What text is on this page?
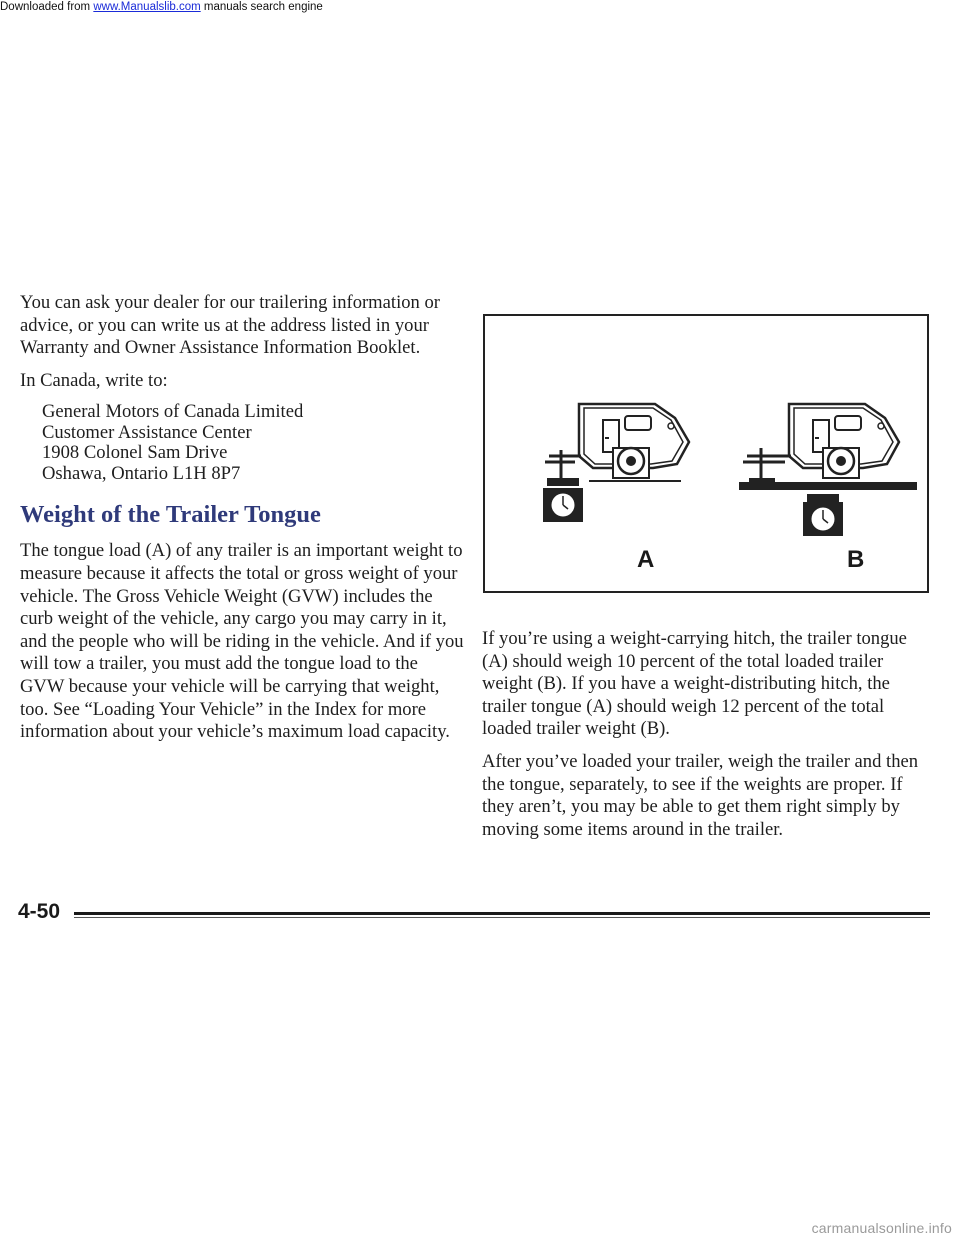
Downloaded from www.Manualslib.com manuals search engine

You can ask your dealer for our trailering information or advice, or you can write us at the address listed in your Warranty and Owner Assistance Information Booklet.

In Canada, write to:

General Motors of Canada Limited
Customer Assistance Center
1908 Colonel Sam Drive
Oshawa, Ontario L1H 8P7
Weight of the Trailer Tongue

The tongue load (A) of any trailer is an important weight to measure because it affects the total or gross weight of your vehicle. The Gross Vehicle Weight (GVW) includes the curb weight of the vehicle, any cargo you may carry in it, and the people who will be riding in the vehicle. And if you will tow a trailer, you must add the tongue load to the GVW because your vehicle will be carrying that weight, too. See “Loading Your Vehicle” in the Index for more information about your vehicle’s maximum load capacity.

A	B

If you’re using a weight-carrying hitch, the trailer tongue (A) should weigh 10 percent of the total loaded trailer weight (B). If you have a weight-distributing hitch, the trailer tongue (A) should weigh 12 percent of the total loaded trailer weight (B).

After you’ve loaded your trailer, weigh the trailer and then the tongue, separately, to see if the weights are proper. If they aren’t, you may be able to get them right simply by moving some items around in the trailer.

4-50
carmanualsonline.info
